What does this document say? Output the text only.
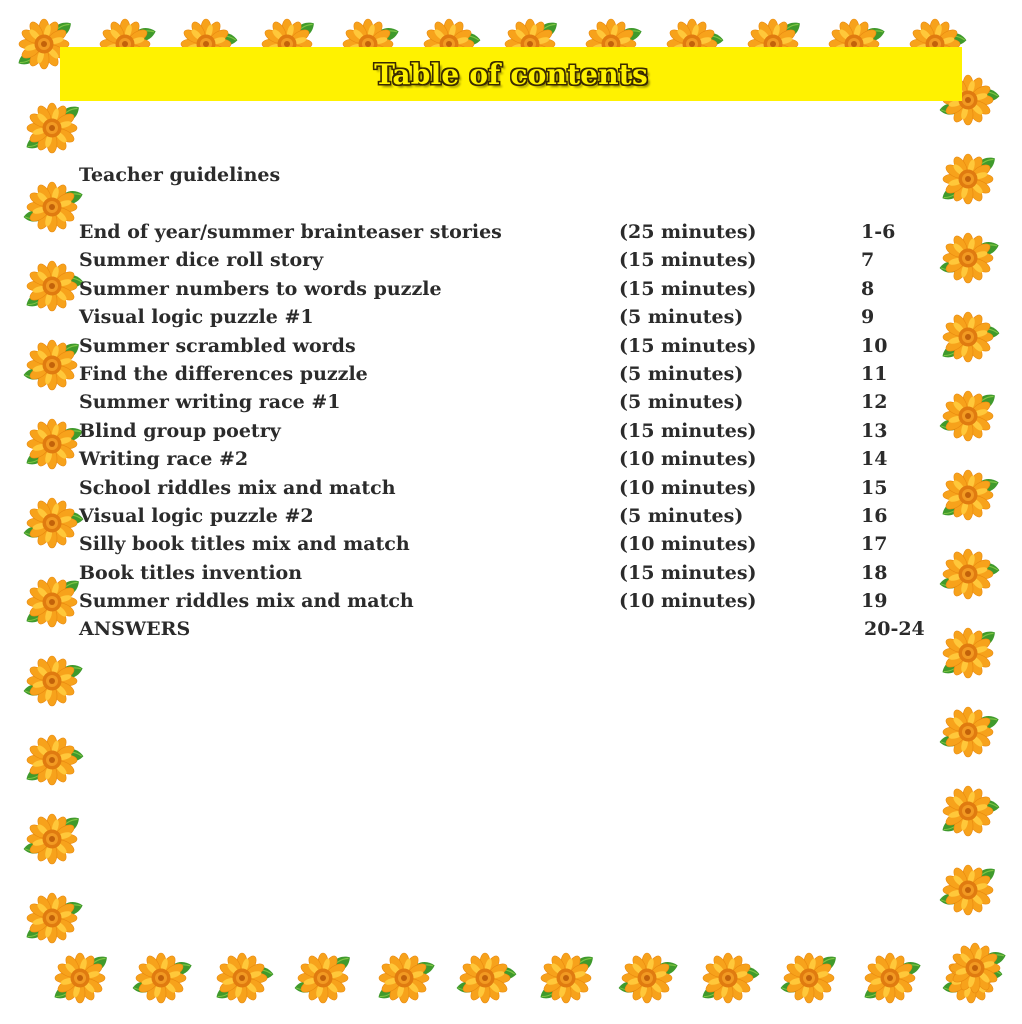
Table of contents
Teacher guidelines
End of year/summer brainteaser stories	(25 minutes)	1-6
Summer dice roll story	(15 minutes)	7
Summer numbers to words puzzle	(15 minutes)	8
Visual logic puzzle #1	(5 minutes)	9
Summer scrambled words	(15 minutes)	10
Find the differences puzzle	(5 minutes)	11
Summer writing race #1	(5 minutes)	12
Blind group poetry	(15 minutes)	13
Writing race #2	(10 minutes)	14
School riddles mix and match	(10 minutes)	15
Visual logic puzzle #2	(5 minutes)	16
Silly book titles mix and match	(10 minutes)	17
Book titles invention	(15 minutes)	18
Summer riddles mix and match	(10 minutes)	19
ANSWERS	20-24
